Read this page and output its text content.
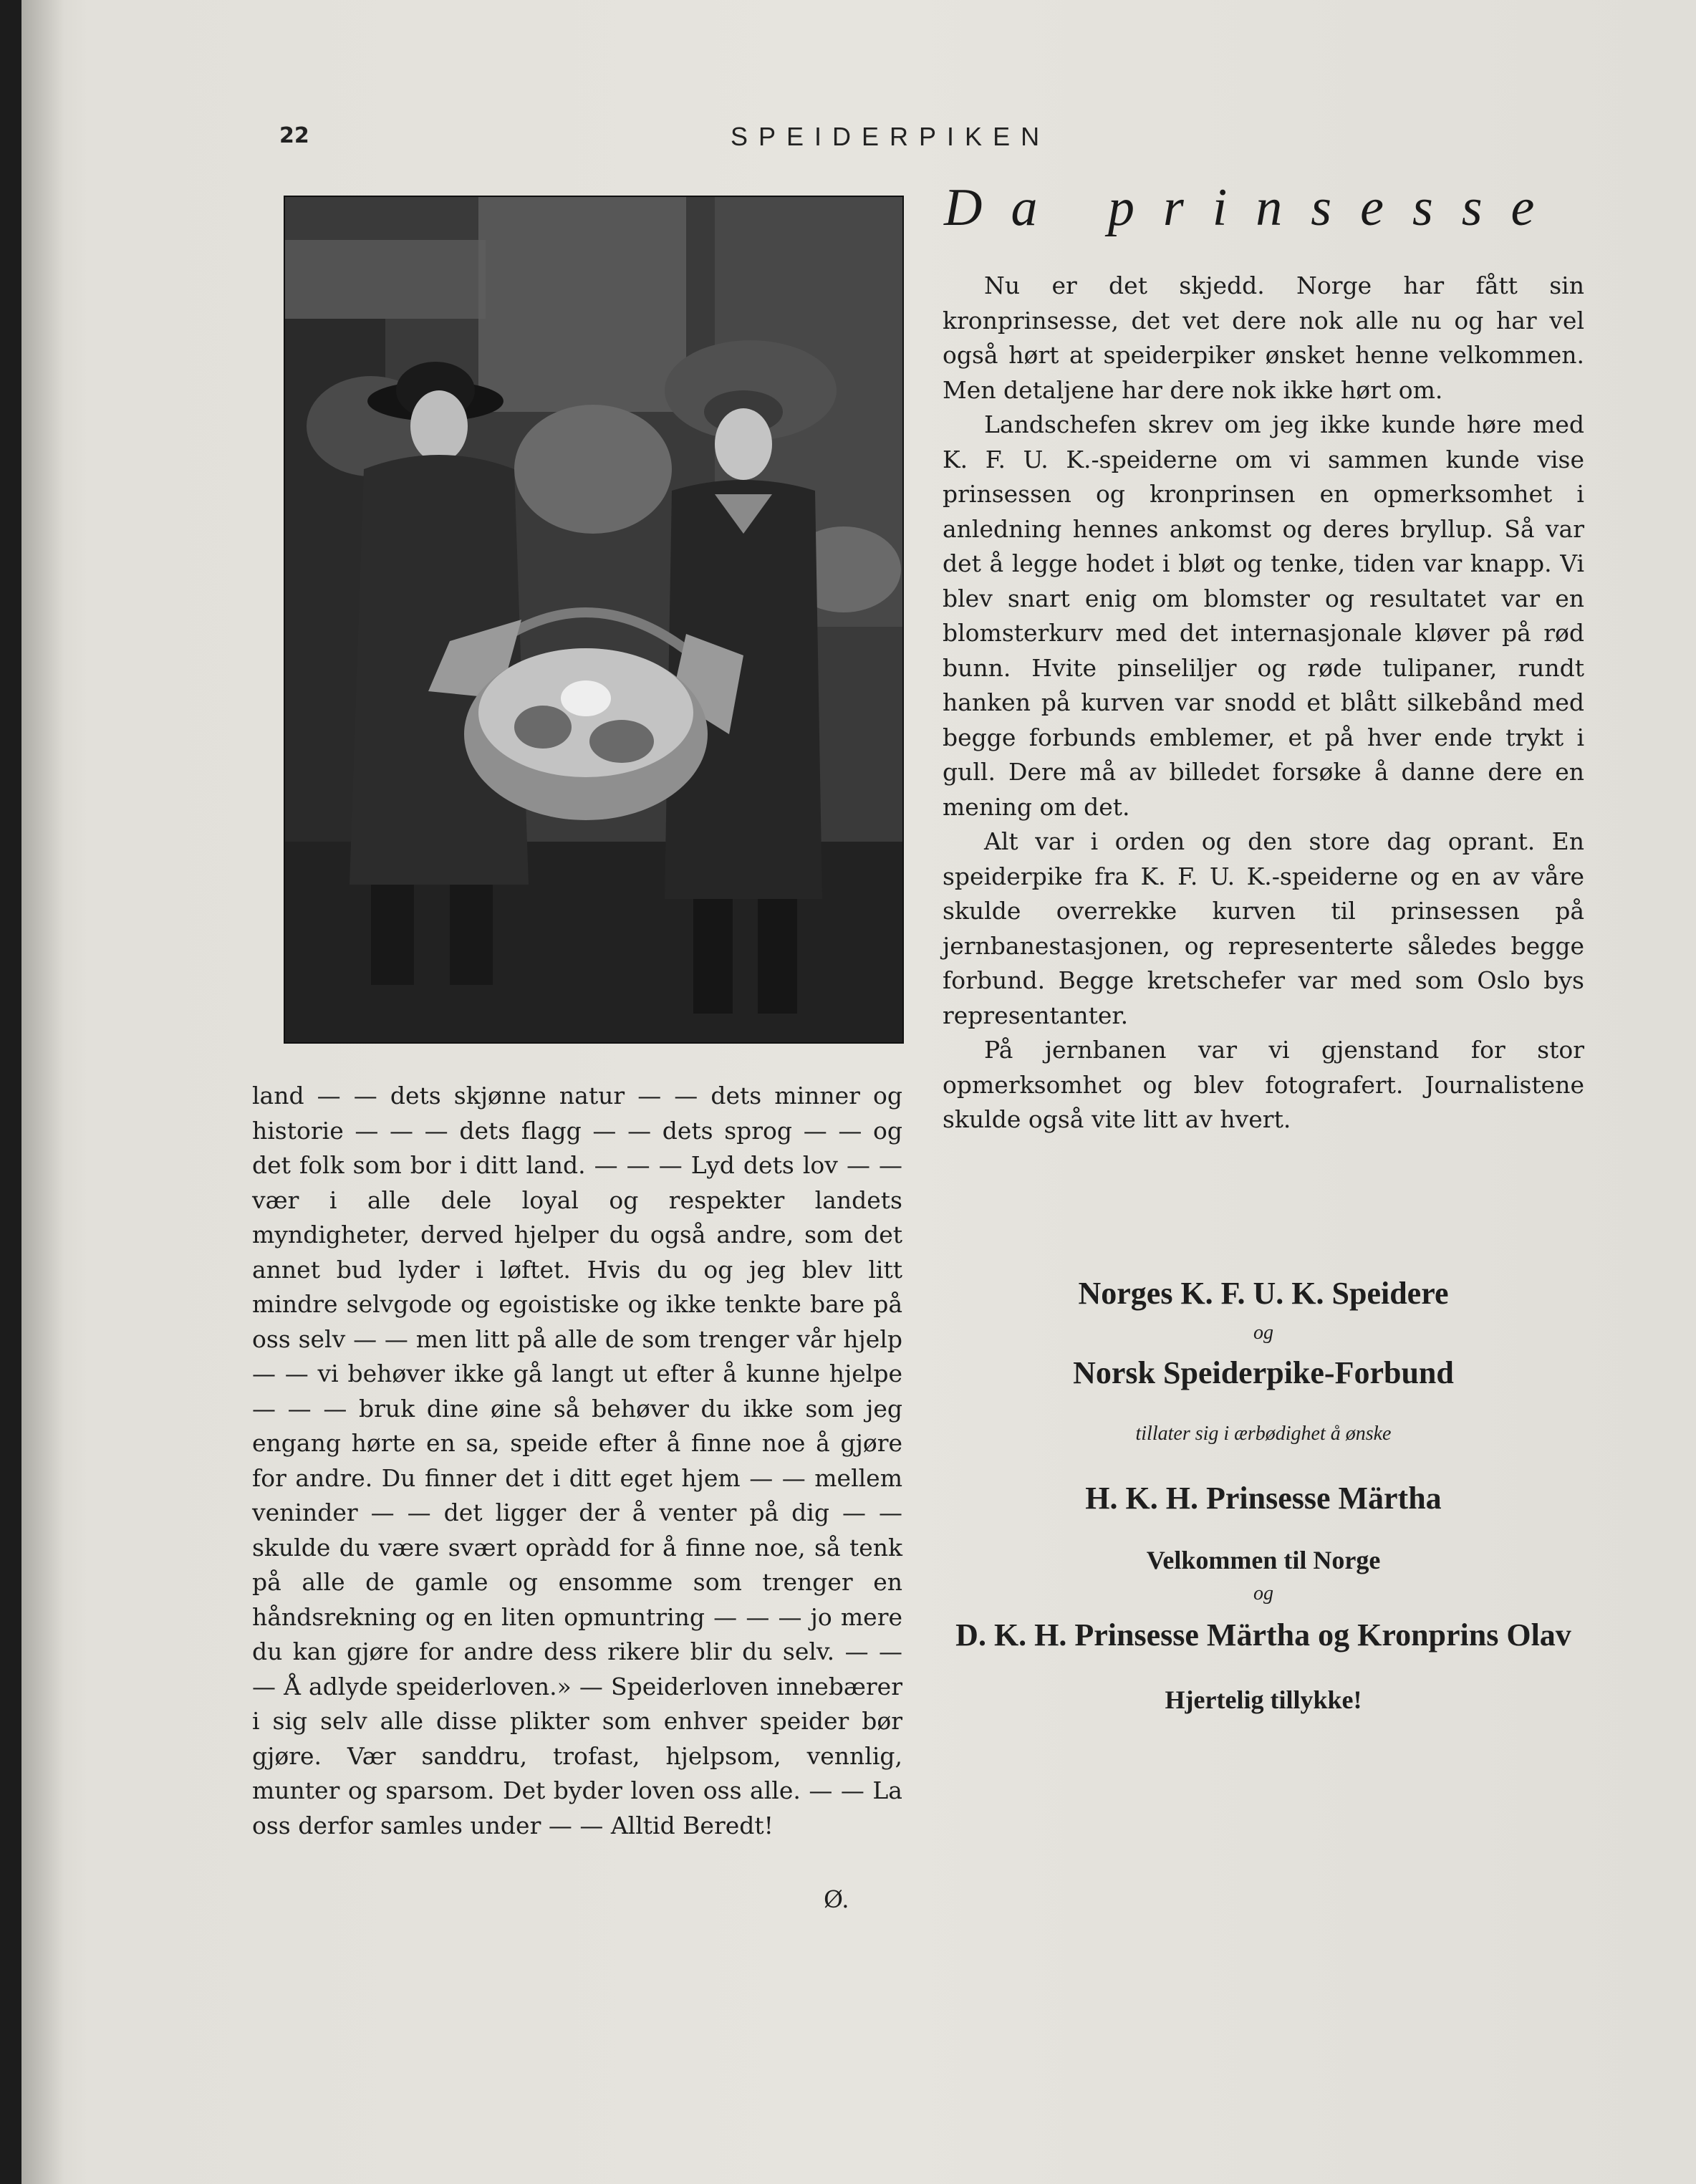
22	SPEIDERPIKEN
Da prinsesse

Nu er det skjedd. Norge har fått sin kronprinsesse, det vet dere nok alle nu og har vel også hørt at speiderpiker ønsket henne velkommen. Men detaljene har dere nok ikke hørt om.

Landschefen skrev om jeg ikke kunde høre med K. F. U. K.-speiderne om vi sammen kunde vise prinsessen og kronprinsen en opmerksomhet i anledning hennes ankomst og deres bryllup. Så var det å legge hodet i bløt og tenke, tiden var knapp. Vi blev snart enig om blomster og resultatet var en blomsterkurv med det internasjonale kløver på rød bunn. Hvite pinseliljer og røde tulipaner, rundt hanken på kurven var snodd et blått silkebånd med begge forbunds emblemer, et på hver ende trykt i gull. Dere må av billedet forsøke å danne dere en mening om det.

Alt var i orden og den store dag oprant. En speiderpike fra K. F. U. K.-speiderne og en av våre skulde overrekke kurven til prinsessen på jernbanestasjonen, og representerte således begge forbund. Begge kretschefer var med som Oslo bys representanter.

På jernbanen var vi gjenstand for stor opmerksomhet og blev fotografert. Journalistene skulde også vite litt av hvert.

land — — dets skjønne natur — — dets minner og historie — — — dets flagg — — dets sprog — — og det folk som bor i ditt land. — — — Lyd dets lov — — vær i alle dele loyal og respekter landets myndigheter, derved hjelper du også andre, som det annet bud lyder i løftet. Hvis du og jeg blev litt mindre selvgode og egoistiske og ikke tenkte bare på oss selv — — men litt på alle de som trenger vår hjelp — — vi behøver ikke gå langt ut efter å kunne hjelpe — — — bruk dine øine så behøver du ikke som jeg engang hørte en sa, speide efter å finne noe å gjøre for andre. Du finner det i ditt eget hjem — — mellem veninder — — det ligger der å venter på dig — — skulde du være svært opràdd for å finne noe, så tenk på alle de gamle og ensomme som trenger en håndsrekning og en liten opmuntring — — — jo mere du kan gjøre for andre dess rikere blir du selv. — — — Å adlyde speiderloven.» — Speiderloven innebærer i sig selv alle disse plikter som enhver speider bør gjøre. Vær sanddru, trofast, hjelpsom, vennlig, munter og sparsom. Det byder loven oss alle. — — La oss derfor samles under — — Alltid Beredt!

Ø.
Norges K. F. U. K. Speidere
og
Norsk Speiderpike-Forbund
tillater sig i ærbødighet å ønske
H. K. H. Prinsesse Märtha
Velkommen til Norge
og
D. K. H. Prinsesse Märtha og Kronprins Olav
Hjertelig tillykke!
